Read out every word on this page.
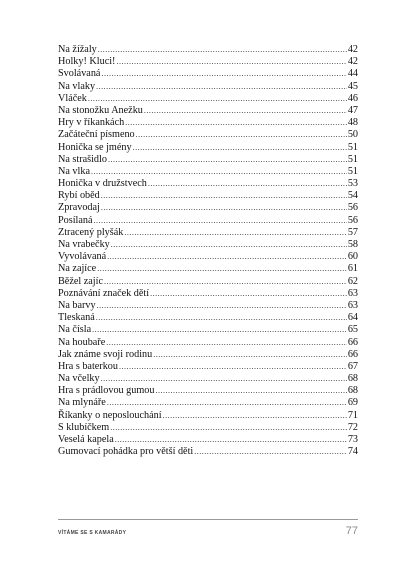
Na žížaly .....	42
Holky! Kluci! .....	42
Svolávaná .....	44
Na vlaky .....	45
Vláček .....	46
Na stonožku Anežku .....	47
Hry v říkankách .....	48
Začáteční písmeno .....	50
Honička se jmény .....	51
Na strašidlo .....	51
Na vlka .....	51
Honička v družstvech .....	53
Rybí oběd .....	54
Zpravodaj .....	56
Posílaná .....	56
Ztracený plyšák .....	57
Na vrabečky .....	58
Vyvolávaná .....	60
Na zajíce .....	61
Běžel zajíc .....	62
Poznávání značek dětí .....	63
Na barvy .....	63
Tleskaná .....	64
Na čísla .....	65
Na houbaře .....	66
Jak známe svoji rodinu .....	66
Hra s baterkou .....	67
Na včelky .....	68
Hra s prádlovou gumou .....	68
Na mlynáře .....	69
Říkanky o neposlouchání .....	71
S klubíčkem .....	72
Veselá kapela .....	73
Gumovací pohádka pro větší děti .....	74
VÍTÁME SE S KAMARÁDY	77
